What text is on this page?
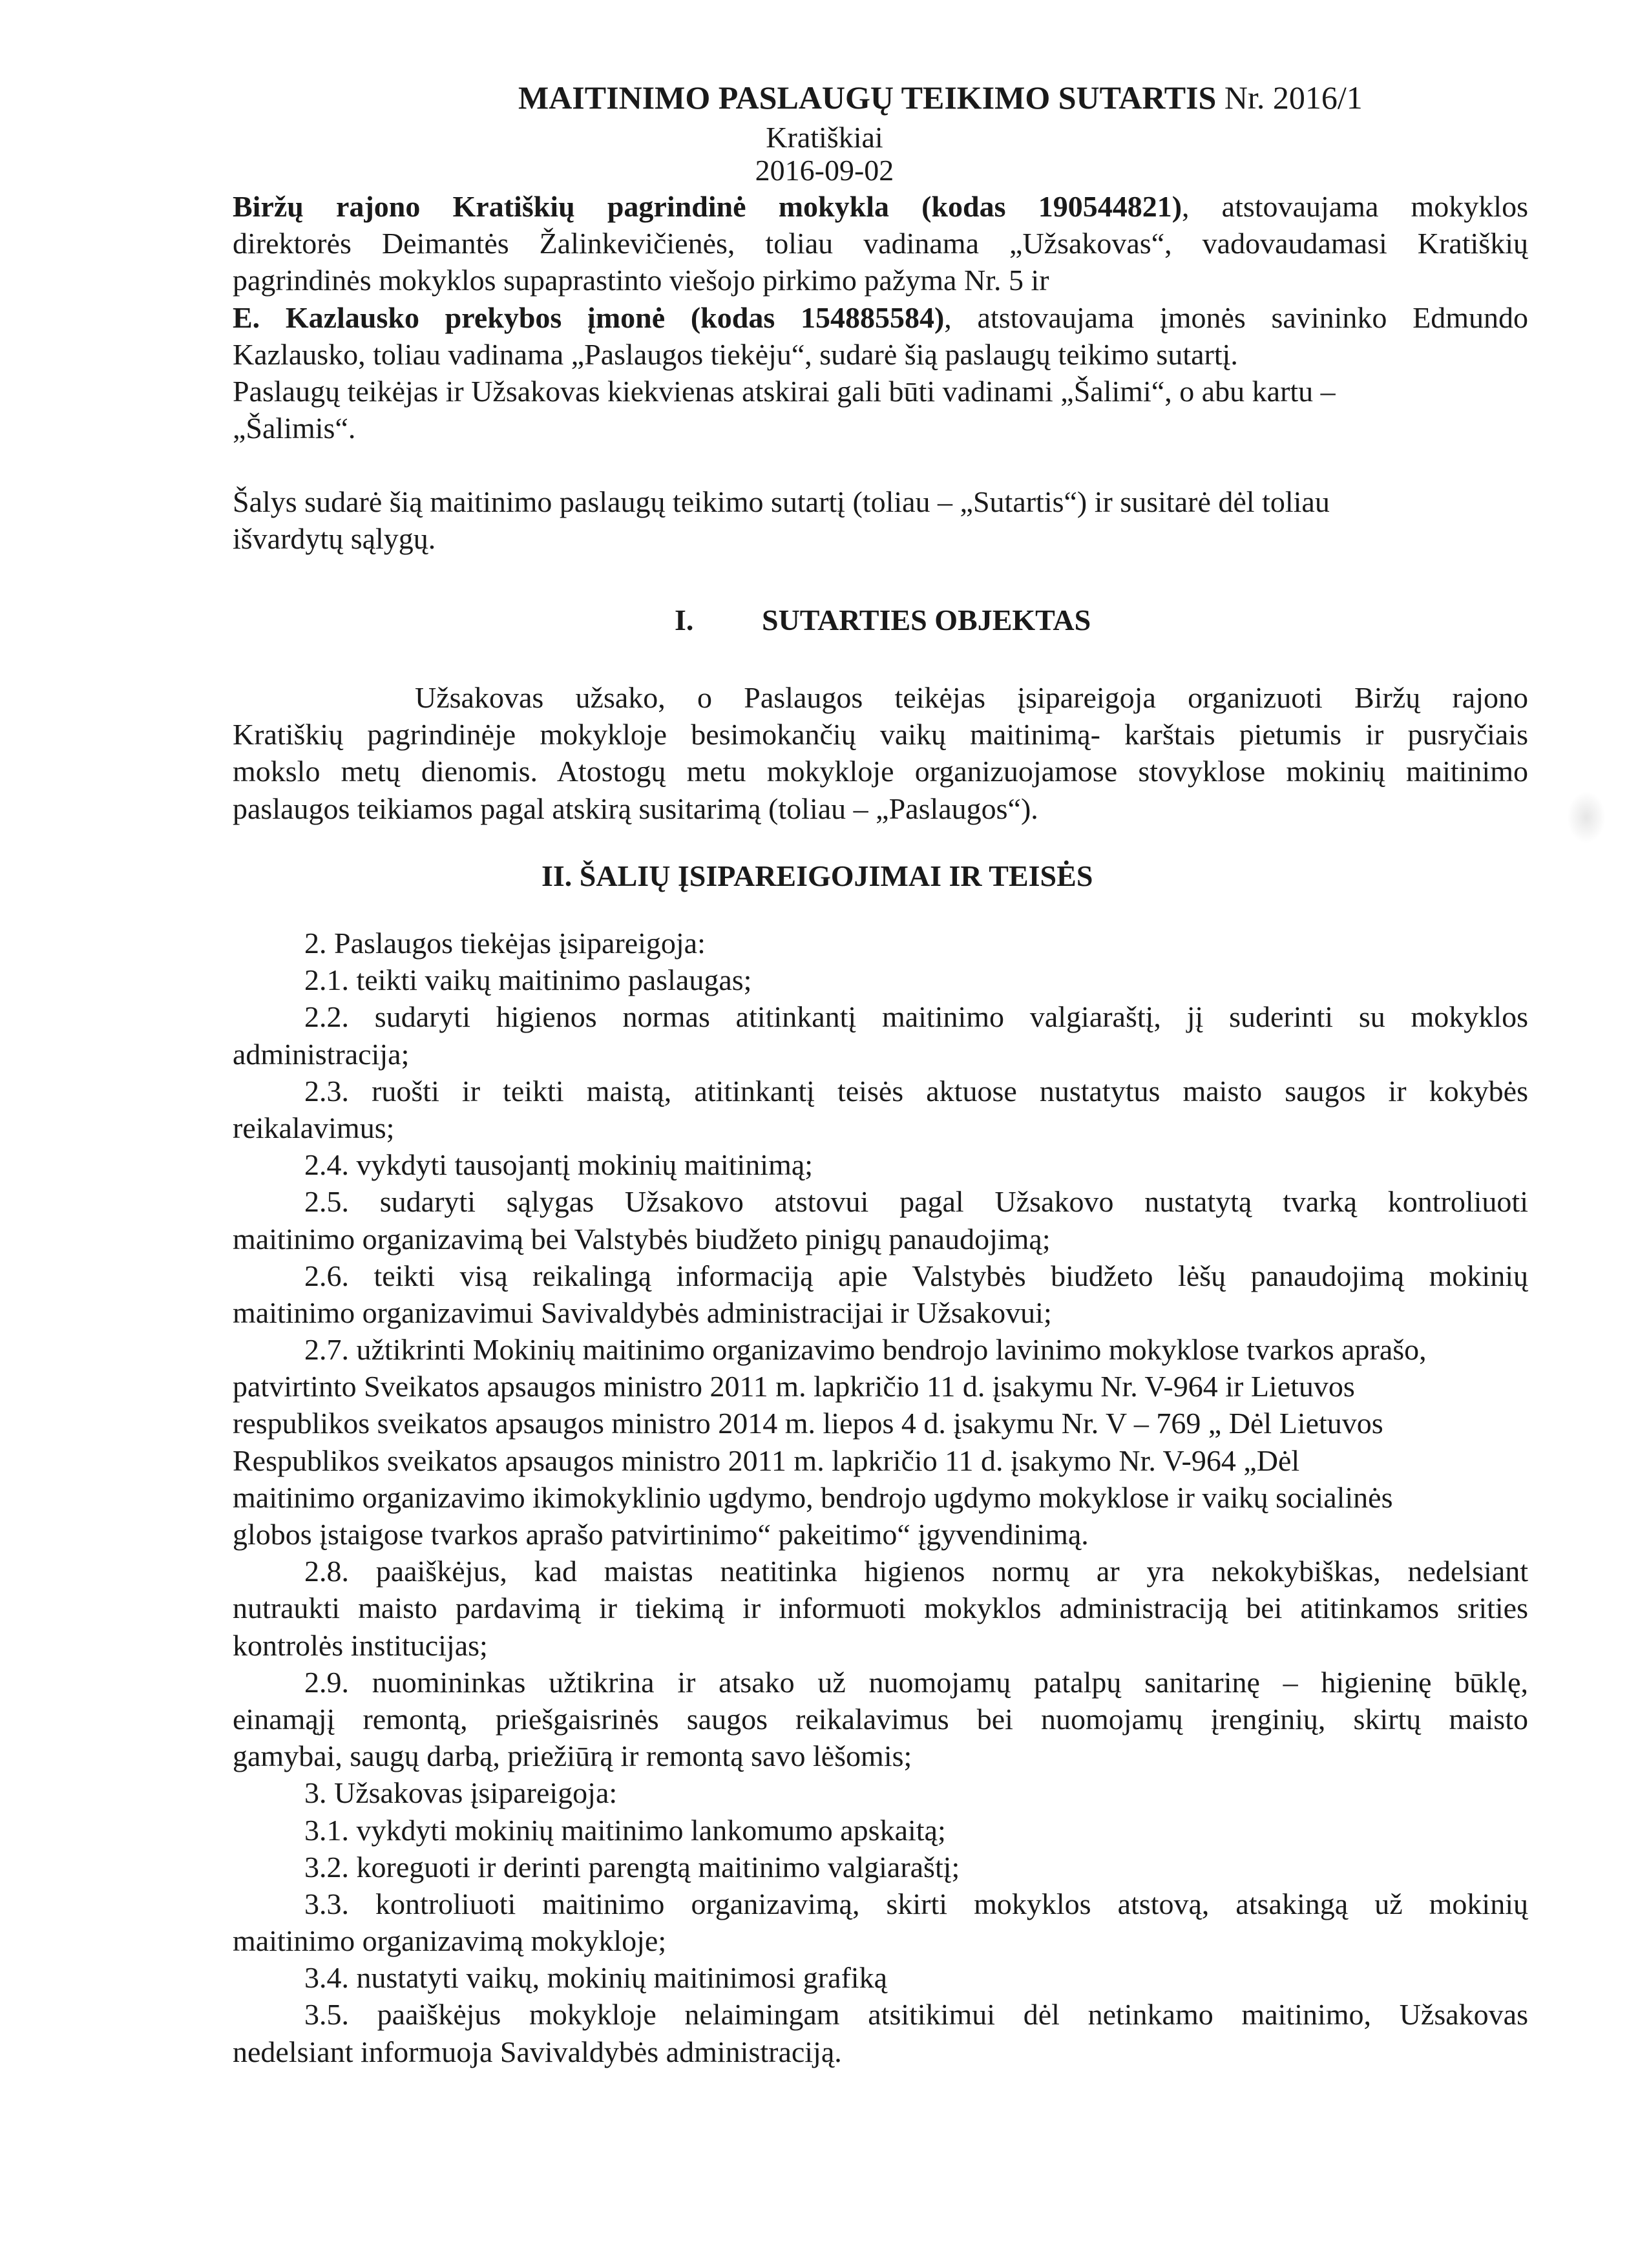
MAITINIMO PASLAUGŲ TEIKIMO SUTARTIS Nr. 2016/1
Kratiškiai
2016-09-02
Biržų rajono Kratiškių pagrindinė mokykla (kodas 190544821), atstovaujama mokyklos
direktorės Deimantės Žalinkevičienės, toliau vadinama „Užsakovas“, vadovaudamasi Kratiškių
pagrindinės mokyklos supaprastinto viešojo pirkimo pažyma Nr. 5 ir
E. Kazlausko prekybos įmonė (kodas 154885584), atstovaujama įmonės savininko Edmundo
Kazlausko, toliau vadinama „Paslaugos tiekėju“, sudarė šią paslaugų teikimo sutartį.
Paslaugų teikėjas ir Užsakovas kiekvienas atskirai gali būti vadinami „Šalimi“, o abu kartu –
„Šalimis“.
Šalys sudarė šią maitinimo paslaugų teikimo sutartį (toliau – „Sutartis“) ir susitarė dėl toliau
išvardytų sąlygų.
I. SUTARTIES OBJEKTAS
Užsakovas užsako, o Paslaugos teikėjas įsipareigoja organizuoti Biržų rajono
Kratiškių pagrindinėje mokykloje besimokančių vaikų maitinimą- karštais pietumis ir pusryčiais
mokslo metų dienomis. Atostogų metu mokykloje organizuojamose stovyklose mokinių maitinimo
paslaugos teikiamos pagal atskirą susitarimą (toliau – „Paslaugos“).
II. ŠALIŲ ĮSIPAREIGOJIMAI IR TEISĖS
2. Paslaugos tiekėjas įsipareigoja:
2.1. teikti vaikų maitinimo paslaugas;
2.2. sudaryti higienos normas atitinkantį maitinimo valgiaraštį, jį suderinti su mokyklos
administracija;
2.3. ruošti ir teikti maistą, atitinkantį teisės aktuose nustatytus maisto saugos ir kokybės
reikalavimus;
2.4. vykdyti tausojantį mokinių maitinimą;
2.5. sudaryti sąlygas Užsakovo atstovui pagal Užsakovo nustatytą tvarką kontroliuoti
maitinimo organizavimą bei Valstybės biudžeto pinigų panaudojimą;
2.6. teikti visą reikalingą informaciją apie Valstybės biudžeto lėšų panaudojimą mokinių
maitinimo organizavimui Savivaldybės administracijai ir Užsakovui;
2.7. užtikrinti Mokinių maitinimo organizavimo bendrojo lavinimo mokyklose tvarkos aprašo,
patvirtinto Sveikatos apsaugos ministro 2011 m. lapkričio 11 d. įsakymu Nr. V-964 ir Lietuvos
respublikos sveikatos apsaugos ministro 2014 m. liepos 4 d. įsakymu Nr. V – 769 „ Dėl Lietuvos
Respublikos sveikatos apsaugos ministro 2011 m. lapkričio 11 d. įsakymo Nr. V-964 „Dėl
maitinimo organizavimo ikimokyklinio ugdymo, bendrojo ugdymo mokyklose ir vaikų socialinės
globos įstaigose tvarkos aprašo patvirtinimo“ pakeitimo“ įgyvendinimą.
2.8. paaiškėjus, kad maistas neatitinka higienos normų ar yra nekokybiškas, nedelsiant
nutraukti maisto pardavimą ir tiekimą ir informuoti mokyklos administraciją bei atitinkamos srities
kontrolės institucijas;
2.9. nuomininkas užtikrina ir atsako už nuomojamų patalpų sanitarinę – higieninę būklę,
einamąjį remontą, priešgaisrinės saugos reikalavimus bei nuomojamų įrenginių, skirtų maisto
gamybai, saugų darbą, priežiūrą ir remontą savo lėšomis;
3. Užsakovas įsipareigoja:
3.1. vykdyti mokinių maitinimo lankomumo apskaitą;
3.2. koreguoti ir derinti parengtą maitinimo valgiaraštį;
3.3. kontroliuoti maitinimo organizavimą, skirti mokyklos atstovą, atsakingą už mokinių
maitinimo organizavimą mokykloje;
3.4. nustatyti vaikų, mokinių maitinimosi grafiką
3.5. paaiškėjus mokykloje nelaimingam atsitikimui dėl netinkamo maitinimo, Užsakovas
nedelsiant informuoja Savivaldybės administraciją.
